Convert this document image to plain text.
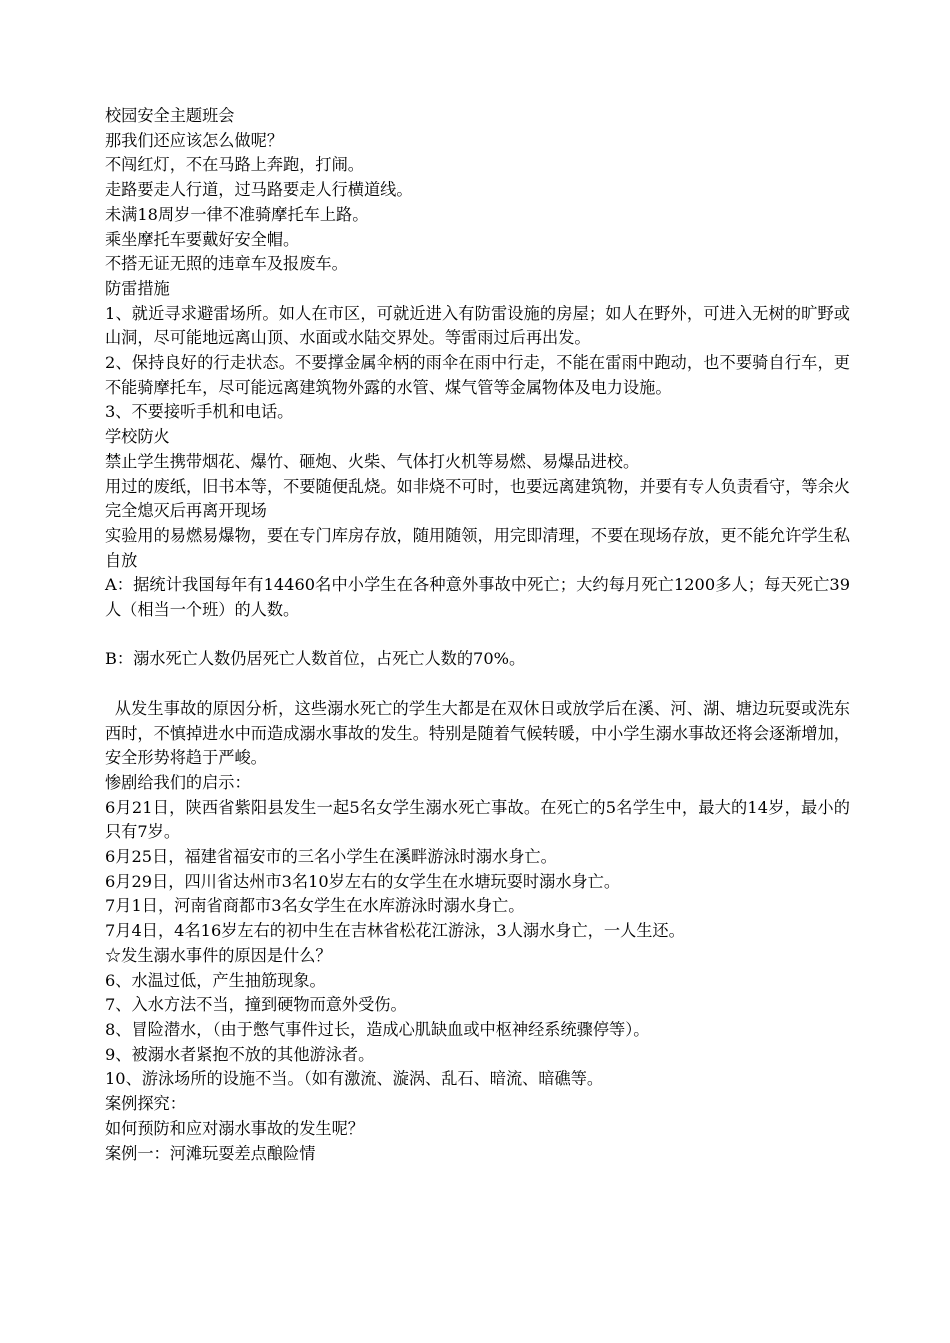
校园安全主题班会

那我们还应该怎么做呢？

不闯红灯，不在马路上奔跑，打闹。

走路要走人行道，过马路要走人行横道线。

未满18周岁一律不准骑摩托车上路。

乘坐摩托车要戴好安全帽。

不搭无证无照的违章车及报废车。

防雷措施

1、就近寻求避雷场所。如人在市区，可就近进入有防雷设施的房屋；如人在野外，可进入无树的旷野或山洞，尽可能地远离山顶、水面或水陆交界处。等雷雨过后再出发。

2、保持良好的行走状态。不要撑金属伞柄的雨伞在雨中行走，不能在雷雨中跑动，也不要骑自行车，更不能骑摩托车，尽可能远离建筑物外露的水管、煤气管等金属物体及电力设施。

3、不要接听手机和电话。

学校防火

禁止学生携带烟花、爆竹、砸炮、火柴、气体打火机等易燃、易爆品进校。

用过的废纸，旧书本等，不要随便乱烧。如非烧不可时，也要远离建筑物，并要有专人负责看守，等余火完全熄灭后再离开现场

实验用的易燃易爆物，要在专门库房存放，随用随领，用完即清理，不要在现场存放，更不能允许学生私自放

A：据统计我国每年有14460名中小学生在各种意外事故中死亡；大约每月死亡1200多人；每天死亡39人（相当一个班）的人数。

B：溺水死亡人数仍居死亡人数首位，占死亡人数的70%。

从发生事故的原因分析，这些溺水死亡的学生大都是在双休日或放学后在溪、河、湖、塘边玩耍或洗东西时，不慎掉进水中而造成溺水事故的发生。特别是随着气候转暖，中小学生溺水事故还将会逐渐增加，安全形势将趋于严峻。

惨剧给我们的启示：

6月21日，陕西省紫阳县发生一起5名女学生溺水死亡事故。在死亡的5名学生中，最大的14岁，最小的只有7岁。

6月25日，福建省福安市的三名小学生在溪畔游泳时溺水身亡。

6月29日，四川省达州市3名10岁左右的女学生在水塘玩耍时溺水身亡。

7月1日，河南省商都市3名女学生在水库游泳时溺水身亡。

7月4日，4名16岁左右的初中生在吉林省松花江游泳，3人溺水身亡，一人生还。

☆发生溺水事件的原因是什么？

6、水温过低，产生抽筋现象。

7、入水方法不当，撞到硬物而意外受伤。

8、冒险潜水，（由于憋气事件过长，造成心肌缺血或中枢神经系统骤停等）。

9、被溺水者紧抱不放的其他游泳者。

10、游泳场所的设施不当。（如有激流、漩涡、乱石、暗流、暗礁等。

案例探究：

如何预防和应对溺水事故的发生呢？

案例一：河滩玩耍差点酿险情
